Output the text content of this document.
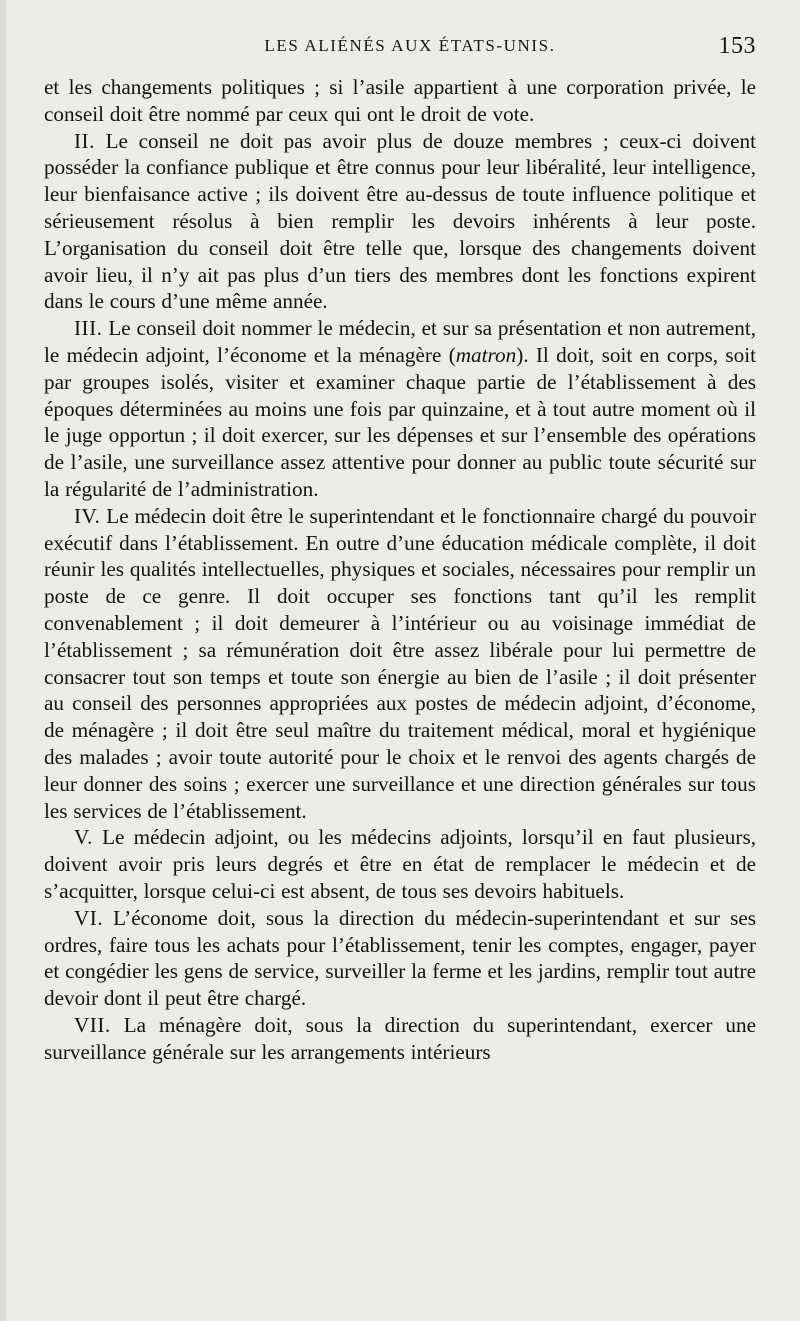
LES ALIÉNÉS AUX ÉTATS-UNIS.	153

et les changements politiques ; si l’asile appartient à une corporation privée, le conseil doit être nommé par ceux qui ont le droit de vote.

II. Le conseil ne doit pas avoir plus de douze membres ; ceux-ci doivent posséder la confiance publique et être connus pour leur libéralité, leur intelligence, leur bienfaisance active ; ils doivent être au-dessus de toute influence politique et sérieusement résolus à bien remplir les devoirs inhérents à leur poste. L’organisation du conseil doit être telle que, lorsque des changements doivent avoir lieu, il n’y ait pas plus d’un tiers des membres dont les fonctions expirent dans le cours d’une même année.

III. Le conseil doit nommer le médecin, et sur sa présentation et non autrement, le médecin adjoint, l’économe et la ménagère (matron). Il doit, soit en corps, soit par groupes isolés, visiter et examiner chaque partie de l’établissement à des époques déterminées au moins une fois par quinzaine, et à tout autre moment où il le juge opportun ; il doit exercer, sur les dépenses et sur l’ensemble des opérations de l’asile, une surveillance assez attentive pour donner au public toute sécurité sur la régularité de l’administration.

IV. Le médecin doit être le superintendant et le fonctionnaire chargé du pouvoir exécutif dans l’établissement. En outre d’une éducation médicale complète, il doit réunir les qualités intellectuelles, physiques et sociales, nécessaires pour remplir un poste de ce genre. Il doit occuper ses fonctions tant qu’il les remplit convenablement ; il doit demeurer à l’intérieur ou au voisinage immédiat de l’établissement ; sa rémunération doit être assez libérale pour lui permettre de consacrer tout son temps et toute son énergie au bien de l’asile ; il doit présenter au conseil des personnes appropriées aux postes de médecin adjoint, d’économe, de ménagère ; il doit être seul maître du traitement médical, moral et hygiénique des malades ; avoir toute autorité pour le choix et le renvoi des agents chargés de leur donner des soins ; exercer une surveillance et une direction générales sur tous les services de l’établissement.

V. Le médecin adjoint, ou les médecins adjoints, lorsqu’il en faut plusieurs, doivent avoir pris leurs degrés et être en état de remplacer le médecin et de s’acquitter, lorsque celui-ci est absent, de tous ses devoirs habituels.

VI. L’économe doit, sous la direction du médecin-superintendant et sur ses ordres, faire tous les achats pour l’établissement, tenir les comptes, engager, payer et congédier les gens de service, surveiller la ferme et les jardins, remplir tout autre devoir dont il peut être chargé.

VII. La ménagère doit, sous la direction du superintendant, exercer une surveillance générale sur les arrangements intérieurs
